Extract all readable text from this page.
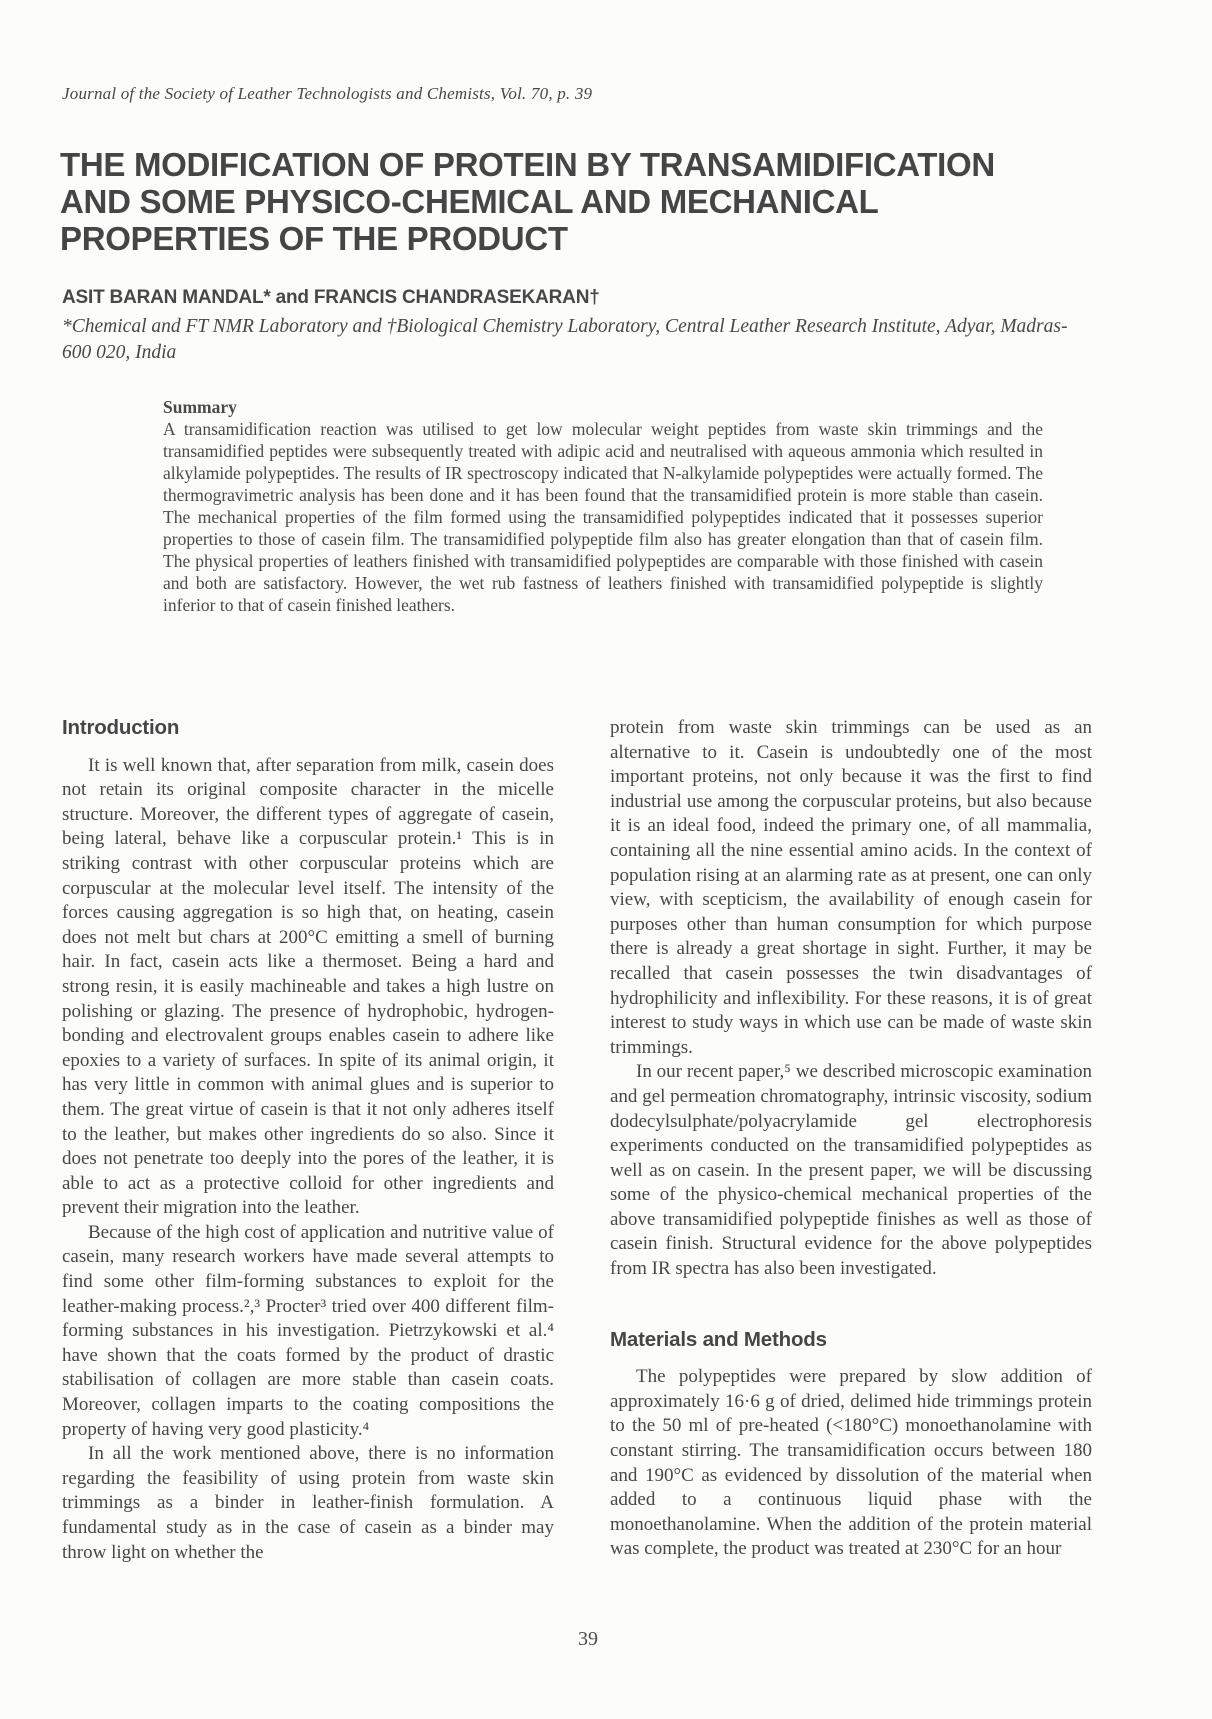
Journal of the Society of Leather Technologists and Chemists, Vol. 70, p. 39
THE MODIFICATION OF PROTEIN BY TRANSAMIDIFICATION
AND SOME PHYSICO-CHEMICAL AND MECHANICAL
PROPERTIES OF THE PRODUCT
ASIT BARAN MANDAL* and FRANCIS CHANDRASEKARAN†
*Chemical and FT NMR Laboratory and †Biological Chemistry Laboratory, Central Leather Research Institute, Adyar, Madras-600 020, India

Summary

A transamidification reaction was utilised to get low molecular weight peptides from waste skin trimmings and the transamidified peptides were subsequently treated with adipic acid and neutralised with aqueous ammonia which resulted in alkylamide polypeptides. The results of IR spectroscopy indicated that N-alkylamide polypeptides were actually formed. The thermogravimetric analysis has been done and it has been found that the transamidified protein is more stable than casein. The mechanical properties of the film formed using the transamidified polypeptides indicated that it possesses superior properties to those of casein film. The transamidified polypeptide film also has greater elongation than that of casein film. The physical properties of leathers finished with transamidified polypeptides are comparable with those finished with casein and both are satisfactory. However, the wet rub fastness of leathers finished with transamidified polypeptide is slightly inferior to that of casein finished leathers.
Introduction

It is well known that, after separation from milk, casein does not retain its original composite character in the micelle structure. Moreover, the different types of aggregate of casein, being lateral, behave like a corpuscular protein.¹ This is in striking contrast with other corpuscular proteins which are corpuscular at the molecular level itself. The intensity of the forces causing aggregation is so high that, on heating, casein does not melt but chars at 200°C emitting a smell of burning hair. In fact, casein acts like a thermoset. Being a hard and strong resin, it is easily machineable and takes a high lustre on polishing or glazing. The presence of hydrophobic, hydrogen-bonding and electrovalent groups enables casein to adhere like epoxies to a variety of surfaces. In spite of its animal origin, it has very little in common with animal glues and is superior to them. The great virtue of casein is that it not only adheres itself to the leather, but makes other ingredients do so also. Since it does not penetrate too deeply into the pores of the leather, it is able to act as a protective colloid for other ingredients and prevent their migration into the leather.

Because of the high cost of application and nutritive value of casein, many research workers have made several attempts to find some other film-forming substances to exploit for the leather-making process.²,³ Procter³ tried over 400 different film-forming substances in his investigation. Pietrzykowski et al.⁴ have shown that the coats formed by the product of drastic stabilisation of collagen are more stable than casein coats. Moreover, collagen imparts to the coating compositions the property of having very good plasticity.⁴

In all the work mentioned above, there is no information regarding the feasibility of using protein from waste skin trimmings as a binder in leather-finish formulation. A fundamental study as in the case of casein as a binder may throw light on whether the

protein from waste skin trimmings can be used as an alternative to it. Casein is undoubtedly one of the most important proteins, not only because it was the first to find industrial use among the corpuscular proteins, but also because it is an ideal food, indeed the primary one, of all mammalia, containing all the nine essential amino acids. In the context of population rising at an alarming rate as at present, one can only view, with scepticism, the availability of enough casein for purposes other than human consumption for which purpose there is already a great shortage in sight. Further, it may be recalled that casein possesses the twin disadvantages of hydrophilicity and inflexibility. For these reasons, it is of great interest to study ways in which use can be made of waste skin trimmings.

In our recent paper,⁵ we described microscopic examination and gel permeation chromatography, intrinsic viscosity, sodium dodecylsulphate/polyacrylamide gel electrophoresis experiments conducted on the transamidified polypeptides as well as on casein. In the present paper, we will be discussing some of the physico-chemical mechanical properties of the above transamidified polypeptide finishes as well as those of casein finish. Structural evidence for the above polypeptides from IR spectra has also been investigated.

Materials and Methods

The polypeptides were prepared by slow addition of approximately 16·6 g of dried, delimed hide trimmings protein to the 50 ml of pre-heated (<180°C) monoethanolamine with constant stirring. The transamidification occurs between 180 and 190°C as evidenced by dissolution of the material when added to a continuous liquid phase with the monoethanolamine. When the addition of the protein material was complete, the product was treated at 230°C for an hour

39
